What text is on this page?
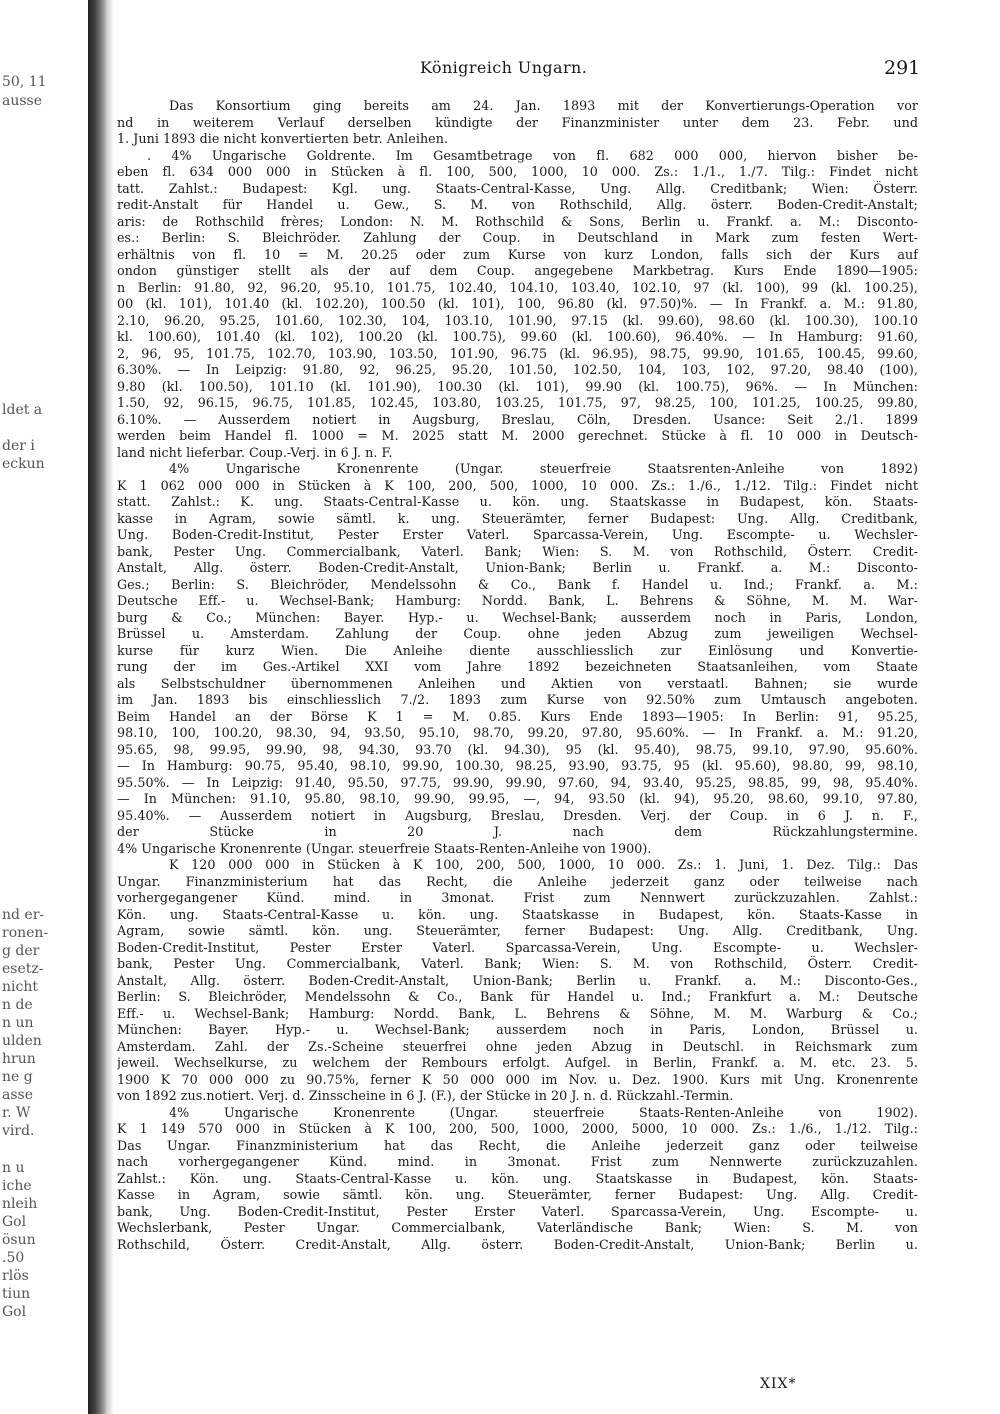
50, 11
ausse
ldet a
der i
eckun
nd er-
ronen-
g der
esetz-
nicht
n de
n un
ulden
hrun
ne g
asse
r. W
vird.
n u
iche
nleih
Gol
ösun
.50
rlös
tiun
Gol
Königreich Ungarn.	291
Das Konsortium ging bereits am 24. Jan. 1893 mit der Konvertierungs-Operation vor
nd in weiterem Verlauf derselben kündigte der Finanzminister unter dem 23. Febr. und
1. Juni 1893 die nicht konvertierten betr. Anleihen.
. 4% Ungarische Goldrente. Im Gesamtbetrage von fl. 682 000 000, hiervon bisher be-
eben fl. 634 000 000 in Stücken à fl. 100, 500, 1000, 10 000. Zs.: 1./1., 1./7. Tilg.: Findet nicht
tatt. Zahlst.: Budapest: Kgl. ung. Staats-Central-Kasse, Ung. Allg. Creditbank; Wien: Österr.
redit-Anstalt für Handel u. Gew., S. M. von Rothschild, Allg. österr. Boden-Credit-Anstalt;
aris: de Rothschild frères; London: N. M. Rothschild & Sons, Berlin u. Frankf. a. M.: Disconto-
es.: Berlin: S. Bleichröder. Zahlung der Coup. in Deutschland in Mark zum festen Wert-
erhältnis von fl. 10 = M. 20.25 oder zum Kurse von kurz London, falls sich der Kurs auf
ondon günstiger stellt als der auf dem Coup. angegebene Markbetrag. Kurs Ende 1890—1905:
n Berlin: 91.80, 92, 96.20, 95.10, 101.75, 102.40, 104.10, 103.40, 102.10, 97 (kl. 100), 99 (kl. 100.25),
00 (kl. 101), 101.40 (kl. 102.20), 100.50 (kl. 101), 100, 96.80 (kl. 97.50)%. — In Frankf. a. M.: 91.80,
2.10, 96.20, 95.25, 101.60, 102.30, 104, 103.10, 101.90, 97.15 (kl. 99.60), 98.60 (kl. 100.30), 100.10
kl. 100.60), 101.40 (kl. 102), 100.20 (kl. 100.75), 99.60 (kl. 100.60), 96.40%. — In Hamburg: 91.60,
2, 96, 95, 101.75, 102.70, 103.90, 103.50, 101.90, 96.75 (kl. 96.95), 98.75, 99.90, 101.65, 100.45, 99.60,
6.30%. — In Leipzig: 91.80, 92, 96.25, 95.20, 101.50, 102.50, 104, 103, 102, 97.20, 98.40 (100),
9.80 (kl. 100.50), 101.10 (kl. 101.90), 100.30 (kl. 101), 99.90 (kl. 100.75), 96%. — In München:
1.50, 92, 96.15, 96.75, 101.85, 102.45, 103.80, 103.25, 101.75, 97, 98.25, 100, 101.25, 100.25, 99.80,
6.10%. — Ausserdem notiert in Augsburg, Breslau, Cöln, Dresden. Usance: Seit 2./1. 1899
werden beim Handel fl. 1000 = M. 2025 statt M. 2000 gerechnet. Stücke à fl. 10 000 in Deutsch-
land nicht lieferbar. Coup.-Verj. in 6 J. n. F.
4% Ungarische Kronenrente (Ungar. steuerfreie Staatsrenten-Anleihe von 1892)
K 1 062 000 000 in Stücken à K 100, 200, 500, 1000, 10 000. Zs.: 1./6., 1./12. Tilg.: Findet nicht
statt. Zahlst.: K. ung. Staats-Central-Kasse u. kön. ung. Staatskasse in Budapest, kön. Staats-
kasse in Agram, sowie sämtl. k. ung. Steuerämter, ferner Budapest: Ung. Allg. Creditbank,
Ung. Boden-Credit-Institut, Pester Erster Vaterl. Sparcassa-Verein, Ung. Escompte- u. Wechsler-
bank, Pester Ung. Commercialbank, Vaterl. Bank; Wien: S. M. von Rothschild, Österr. Credit-
Anstalt, Allg. österr. Boden-Credit-Anstalt, Union-Bank; Berlin u. Frankf. a. M.: Disconto-
Ges.; Berlin: S. Bleichröder, Mendelssohn & Co., Bank f. Handel u. Ind.; Frankf. a. M.:
Deutsche Eff.- u. Wechsel-Bank; Hamburg: Nordd. Bank, L. Behrens & Söhne, M. M. War-
burg & Co.; München: Bayer. Hyp.- u. Wechsel-Bank; ausserdem noch in Paris, London,
Brüssel u. Amsterdam. Zahlung der Coup. ohne jeden Abzug zum jeweiligen Wechsel-
kurse für kurz Wien. Die Anleihe diente ausschliesslich zur Einlösung und Konvertie-
rung der im Ges.-Artikel XXI vom Jahre 1892 bezeichneten Staatsanleihen, vom Staate
als Selbstschuldner übernommenen Anleihen und Aktien von verstaatl. Bahnen; sie wurde
im Jan. 1893 bis einschliesslich 7./2. 1893 zum Kurse von 92.50% zum Umtausch angeboten.
Beim Handel an der Börse K 1 = M. 0.85. Kurs Ende 1893—1905: In Berlin: 91, 95.25,
98.10, 100, 100.20, 98.30, 94, 93.50, 95.10, 98.70, 99.20, 97.80, 95.60%. — In Frankf. a. M.: 91.20,
95.65, 98, 99.95, 99.90, 98, 94.30, 93.70 (kl. 94.30), 95 (kl. 95.40), 98.75, 99.10, 97.90, 95.60%.
— In Hamburg: 90.75, 95.40, 98.10, 99.90, 100.30, 98.25, 93.90, 93.75, 95 (kl. 95.60), 98.80, 99, 98.10,
95.50%. — In Leipzig: 91.40, 95.50, 97.75, 99.90, 99.90, 97.60, 94, 93.40, 95.25, 98.85, 99, 98, 95.40%.
— In München: 91.10, 95.80, 98.10, 99.90, 99.95, —, 94, 93.50 (kl. 94), 95.20, 98.60, 99.10, 97.80,
95.40%. — Ausserdem notiert in Augsburg, Breslau, Dresden. Verj. der Coup. in 6 J. n. F.,
der Stücke in 20 J. nach dem Rückzahlungstermine.
4% Ungarische Kronenrente (Ungar. steuerfreie Staats-Renten-Anleihe von 1900).
K 120 000 000 in Stücken à K 100, 200, 500, 1000, 10 000. Zs.: 1. Juni, 1. Dez. Tilg.: Das
Ungar. Finanzministerium hat das Recht, die Anleihe jederzeit ganz oder teilweise nach
vorhergegangener Künd. mind. in 3monat. Frist zum Nennwert zurückzuzahlen. Zahlst.:
Kön. ung. Staats-Central-Kasse u. kön. ung. Staatskasse in Budapest, kön. Staats-Kasse in
Agram, sowie sämtl. kön. ung. Steuerämter, ferner Budapest: Ung. Allg. Creditbank, Ung.
Boden-Credit-Institut, Pester Erster Vaterl. Sparcassa-Verein, Ung. Escompte- u. Wechsler-
bank, Pester Ung. Commercialbank, Vaterl. Bank; Wien: S. M. von Rothschild, Österr. Credit-
Anstalt, Allg. österr. Boden-Credit-Anstalt, Union-Bank; Berlin u. Frankf. a. M.: Disconto-Ges.,
Berlin: S. Bleichröder, Mendelssohn & Co., Bank für Handel u. Ind.; Frankfurt a. M.: Deutsche
Eff.- u. Wechsel-Bank; Hamburg: Nordd. Bank, L. Behrens & Söhne, M. M. Warburg & Co.;
München: Bayer. Hyp.- u. Wechsel-Bank; ausserdem noch in Paris, London, Brüssel u.
Amsterdam. Zahl. der Zs.-Scheine steuerfrei ohne jeden Abzug in Deutschl. in Reichsmark zum
jeweil. Wechselkurse, zu welchem der Rembours erfolgt. Aufgel. in Berlin, Frankf. a. M. etc. 23. 5.
1900 K 70 000 000 zu 90.75%, ferner K 50 000 000 im Nov. u. Dez. 1900. Kurs mit Ung. Kronenrente
von 1892 zus.notiert. Verj. d. Zinsscheine in 6 J. (F.), der Stücke in 20 J. n. d. Rückzahl.-Termin.
4% Ungarische Kronenrente (Ungar. steuerfreie Staats-Renten-Anleihe von 1902).
K 1 149 570 000 in Stücken à K 100, 200, 500, 1000, 2000, 5000, 10 000. Zs.: 1./6., 1./12. Tilg.:
Das Ungar. Finanzministerium hat das Recht, die Anleihe jederzeit ganz oder teilweise
nach vorhergegangener Künd. mind. in 3monat. Frist zum Nennwerte zurückzuzahlen.
Zahlst.: Kön. ung. Staats-Central-Kasse u. kön. ung. Staatskasse in Budapest, kön. Staats-
Kasse in Agram, sowie sämtl. kön. ung. Steuerämter, ferner Budapest: Ung. Allg. Credit-
bank, Ung. Boden-Credit-Institut, Pester Erster Vaterl. Sparcassa-Verein, Ung. Escompte- u.
Wechslerbank, Pester Ungar. Commercialbank, Vaterländische Bank; Wien: S. M. von
Rothschild, Österr. Credit-Anstalt, Allg. österr. Boden-Credit-Anstalt, Union-Bank; Berlin u.
XIX*
